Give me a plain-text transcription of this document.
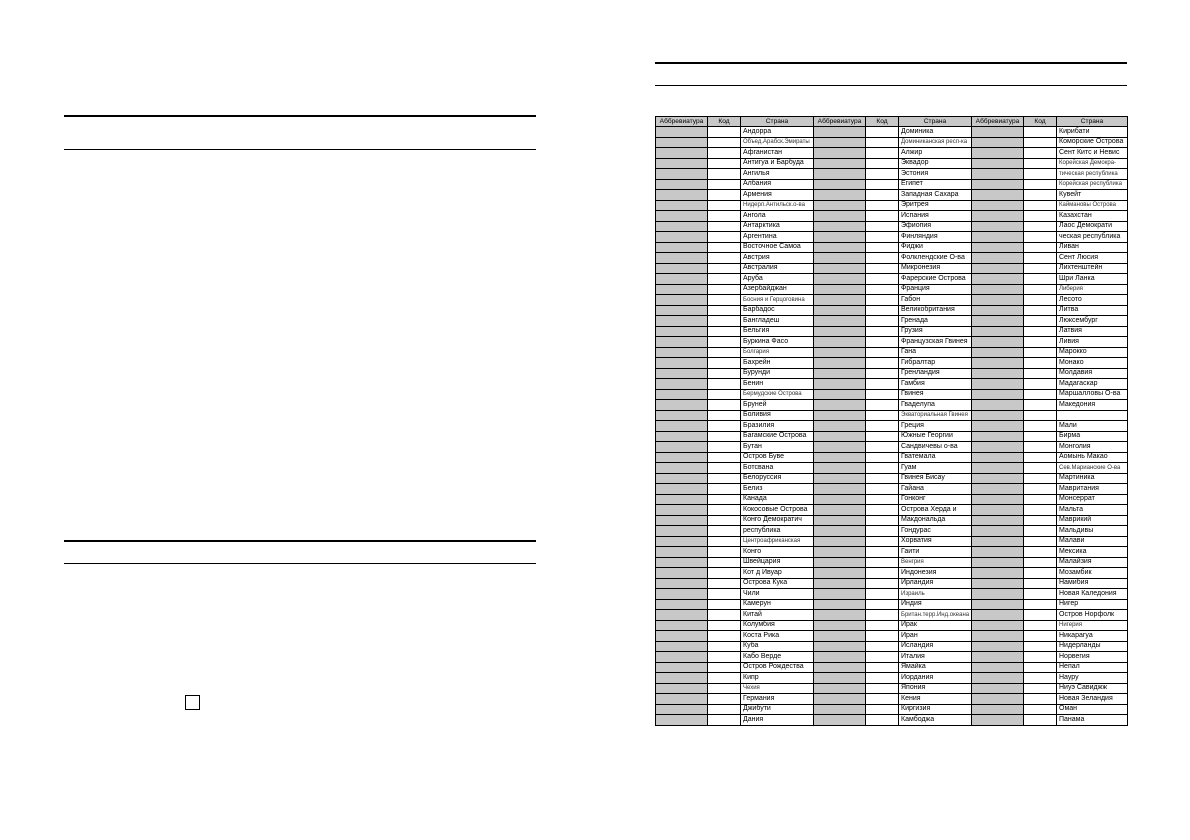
Аббревиатура	Код	Страна	Аббревиатура	Код	Страна	Аббревиатура	Код	Страна
		Андорра			Доминика			Кирибати
		Объед.Арабск.Эмираты			Доминиканская респ-ка			Коморские Острова
		Афганистан			Алжир			Сент Китс и Невис
		Антигуа и Барбуда			Эквадор			Корейская Демокра-
		Ангилья			Эстония			тическая республика
		Албания			Египет			Корейская республика
		Армения			Западная Сахара			Кувейт
		Нидерл.Антильск.о-ва			Эритрея			Каймановы Острова
		Ангола			Испания			Казахстан
		Антарктика			Эфиопия			Лаос Демократи
		Аргентина			Финляндия			ческая республика
		Восточное Самоа			Фиджи			Ливан
		Австрия			Фолклендские О-ва			Сент Люсия
		Австралия			Микронезия			Лихтенштейн
		Аруба			Фарерские Острова			Шри Ланка
		Азербайджан			Франция			Либерия
		Босния и Герцоговина			Габон			Лесото
		Барбадос			Великобритания			Литва
		Бангладеш			Гренада			Люксембург
		Бельгия			Грузия			Латвия
		Буркина Фасо			Французская Гвинея			Ливия
		Болгария			Гана			Марокко
		Бахрейн			Гибралтар			Монако
		Бурунди			Гренландия			Молдавия
		Бенин			Гамбия			Мадагаскар
		Бермудские Острова			Гвинея			Маршалловы О-ва
		Бруней			Гваделупа			Македония
		Боливия			Экваториальная Гвинея			
		Бразилия			Греция			Мали
		Багамские Острова			Южные Георгии			Бирма
		Бутан			Сандвичевы о-ва			Монголия
		Остров Буве			Гватемала			Аомынь Макао
		Ботсвана			Гуам			Сев.Марианские О-ва
		Белоруссия			Гвинея Бисау			Мартиника
		Белиз			Гайана			Мавритания
		Канада			Гонконг			Монсеррат
		Кокосовые Острова			Острова Херда и			Мальта
		Конго Демократич			Макдональда			Маврикий
		республика			Гондурас			Мальдивы
		Центроафриканская			Хорватия			Малави
		Конго			Гаити			Мексика
		Швейцария			Венгрия			Малайзия
		Кот д Ивуар			Индонезия			Мозамбик
		Острова Кука			Ирландия			Намибия
		Чили			Израиль			Новая Каледония
		Камерун			Индия			Нигер
		Китай			Британ.терр.Инд.океана			Остров Норфолк
		Колумбия			Ирак			Нигерия
		Коста Рика			Иран			Никарагуа
		Куба			Исландия			Нидерланды
		Кабо Верде			Италия			Норвегия
		Остров Рождества			Ямайка			Непал
		Кипр			Иордания			Науру
		Чехия			Япония			Ниуэ Савиджж
		Германия			Кения			Новая Зеландия
		Джибути			Киргизия			Оман
		Дания			Камбоджа			Панама
